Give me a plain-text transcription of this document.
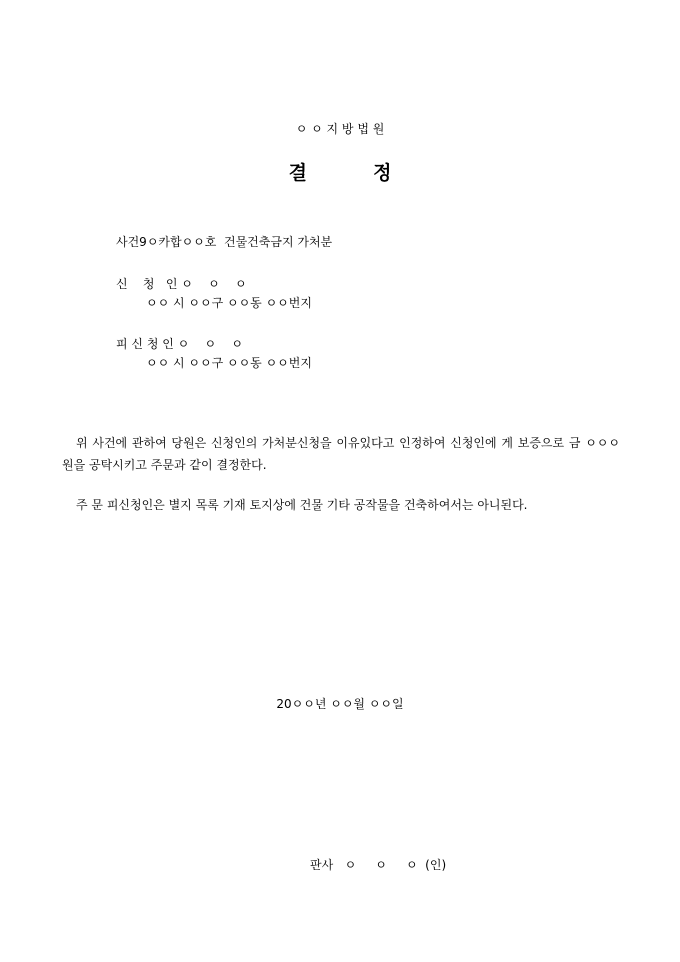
ㅇ ㅇ 지 방 법 원
결          정
사건9ㅇ카합ㅇㅇ호  건물건축금지 가처분
신    청   인 ㅇ    ㅇ    ㅇ
ㅇㅇ 시 ㅇㅇ구 ㅇㅇ동 ㅇㅇ번지
피 신 청 인 ㅇ    ㅇ    ㅇ
ㅇㅇ 시 ㅇㅇ구 ㅇㅇ동 ㅇㅇ번지
위 사건에 관하여 당원은 신청인의 가처분신청을 이유있다고 인정하여 신청인에 게 보증으로 금 ㅇㅇㅇ원을 공탁시키고 주문과 같이 결정한다.
주 문 피신청인은 별지 목록 기재 토지상에 건물 기타 공작물을 건축하여서는 아니된다.
20ㅇㅇ년 ㅇㅇ월 ㅇㅇ일
판사   ㅇ     ㅇ     ㅇ  (인)
